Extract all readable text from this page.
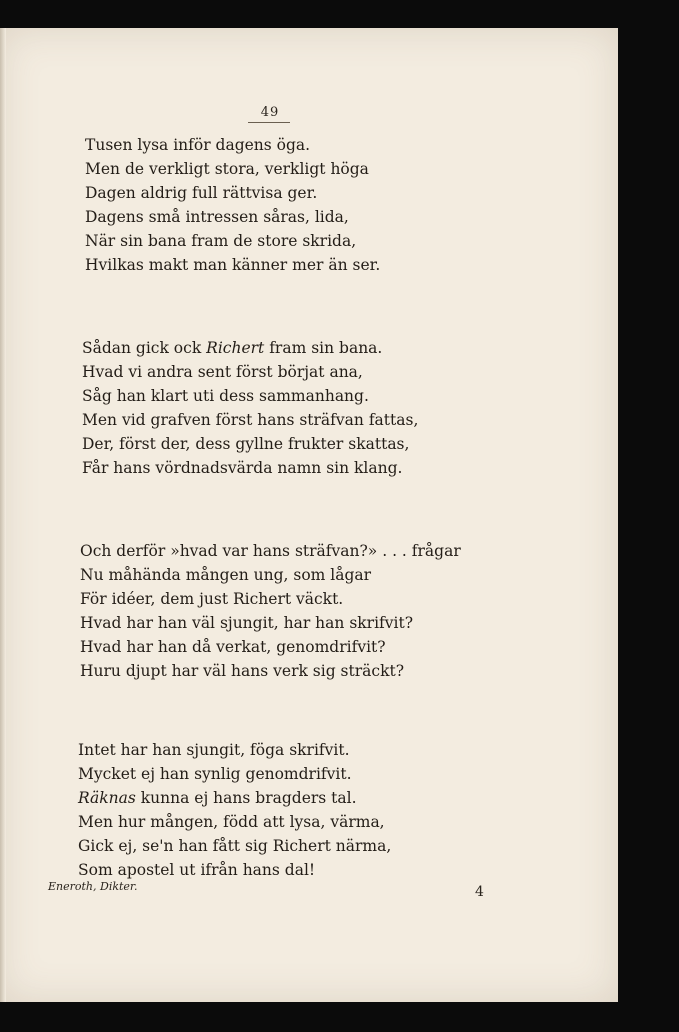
49
Tusen lysa inför dagens öga.
Men de verkligt stora, verkligt höga
Dagen aldrig full rättvisa ger.
Dagens små intressen såras, lida,
När sin bana fram de store skrida,
Hvilkas makt man känner mer än ser.
Sådan gick ock Richert fram sin bana.
Hvad vi andra sent först börjat ana,
Såg han klart uti dess sammanhang.
Men vid grafven först hans sträfvan fattas,
Der, först der, dess gyllne frukter skattas,
Får hans vördnadsvärda namn sin klang.
Och derför »hvad var hans sträfvan?» . . . frågar
Nu måhända mången ung, som lågar
För idéer, dem just Richert väckt.
Hvad har han väl sjungit, har han skrifvit?
Hvad har han då verkat, genomdrifvit?
Huru djupt har väl hans verk sig sträckt?
Intet har han sjungit, föga skrifvit.
Mycket ej han synlig genomdrifvit.
Räknas kunna ej hans bragders tal.
Men hur mången, född att lysa, värma,
Gick ej, se'n han fått sig Richert närma,
Som apostel ut ifrån hans dal!
Eneroth, Dikter.	4
